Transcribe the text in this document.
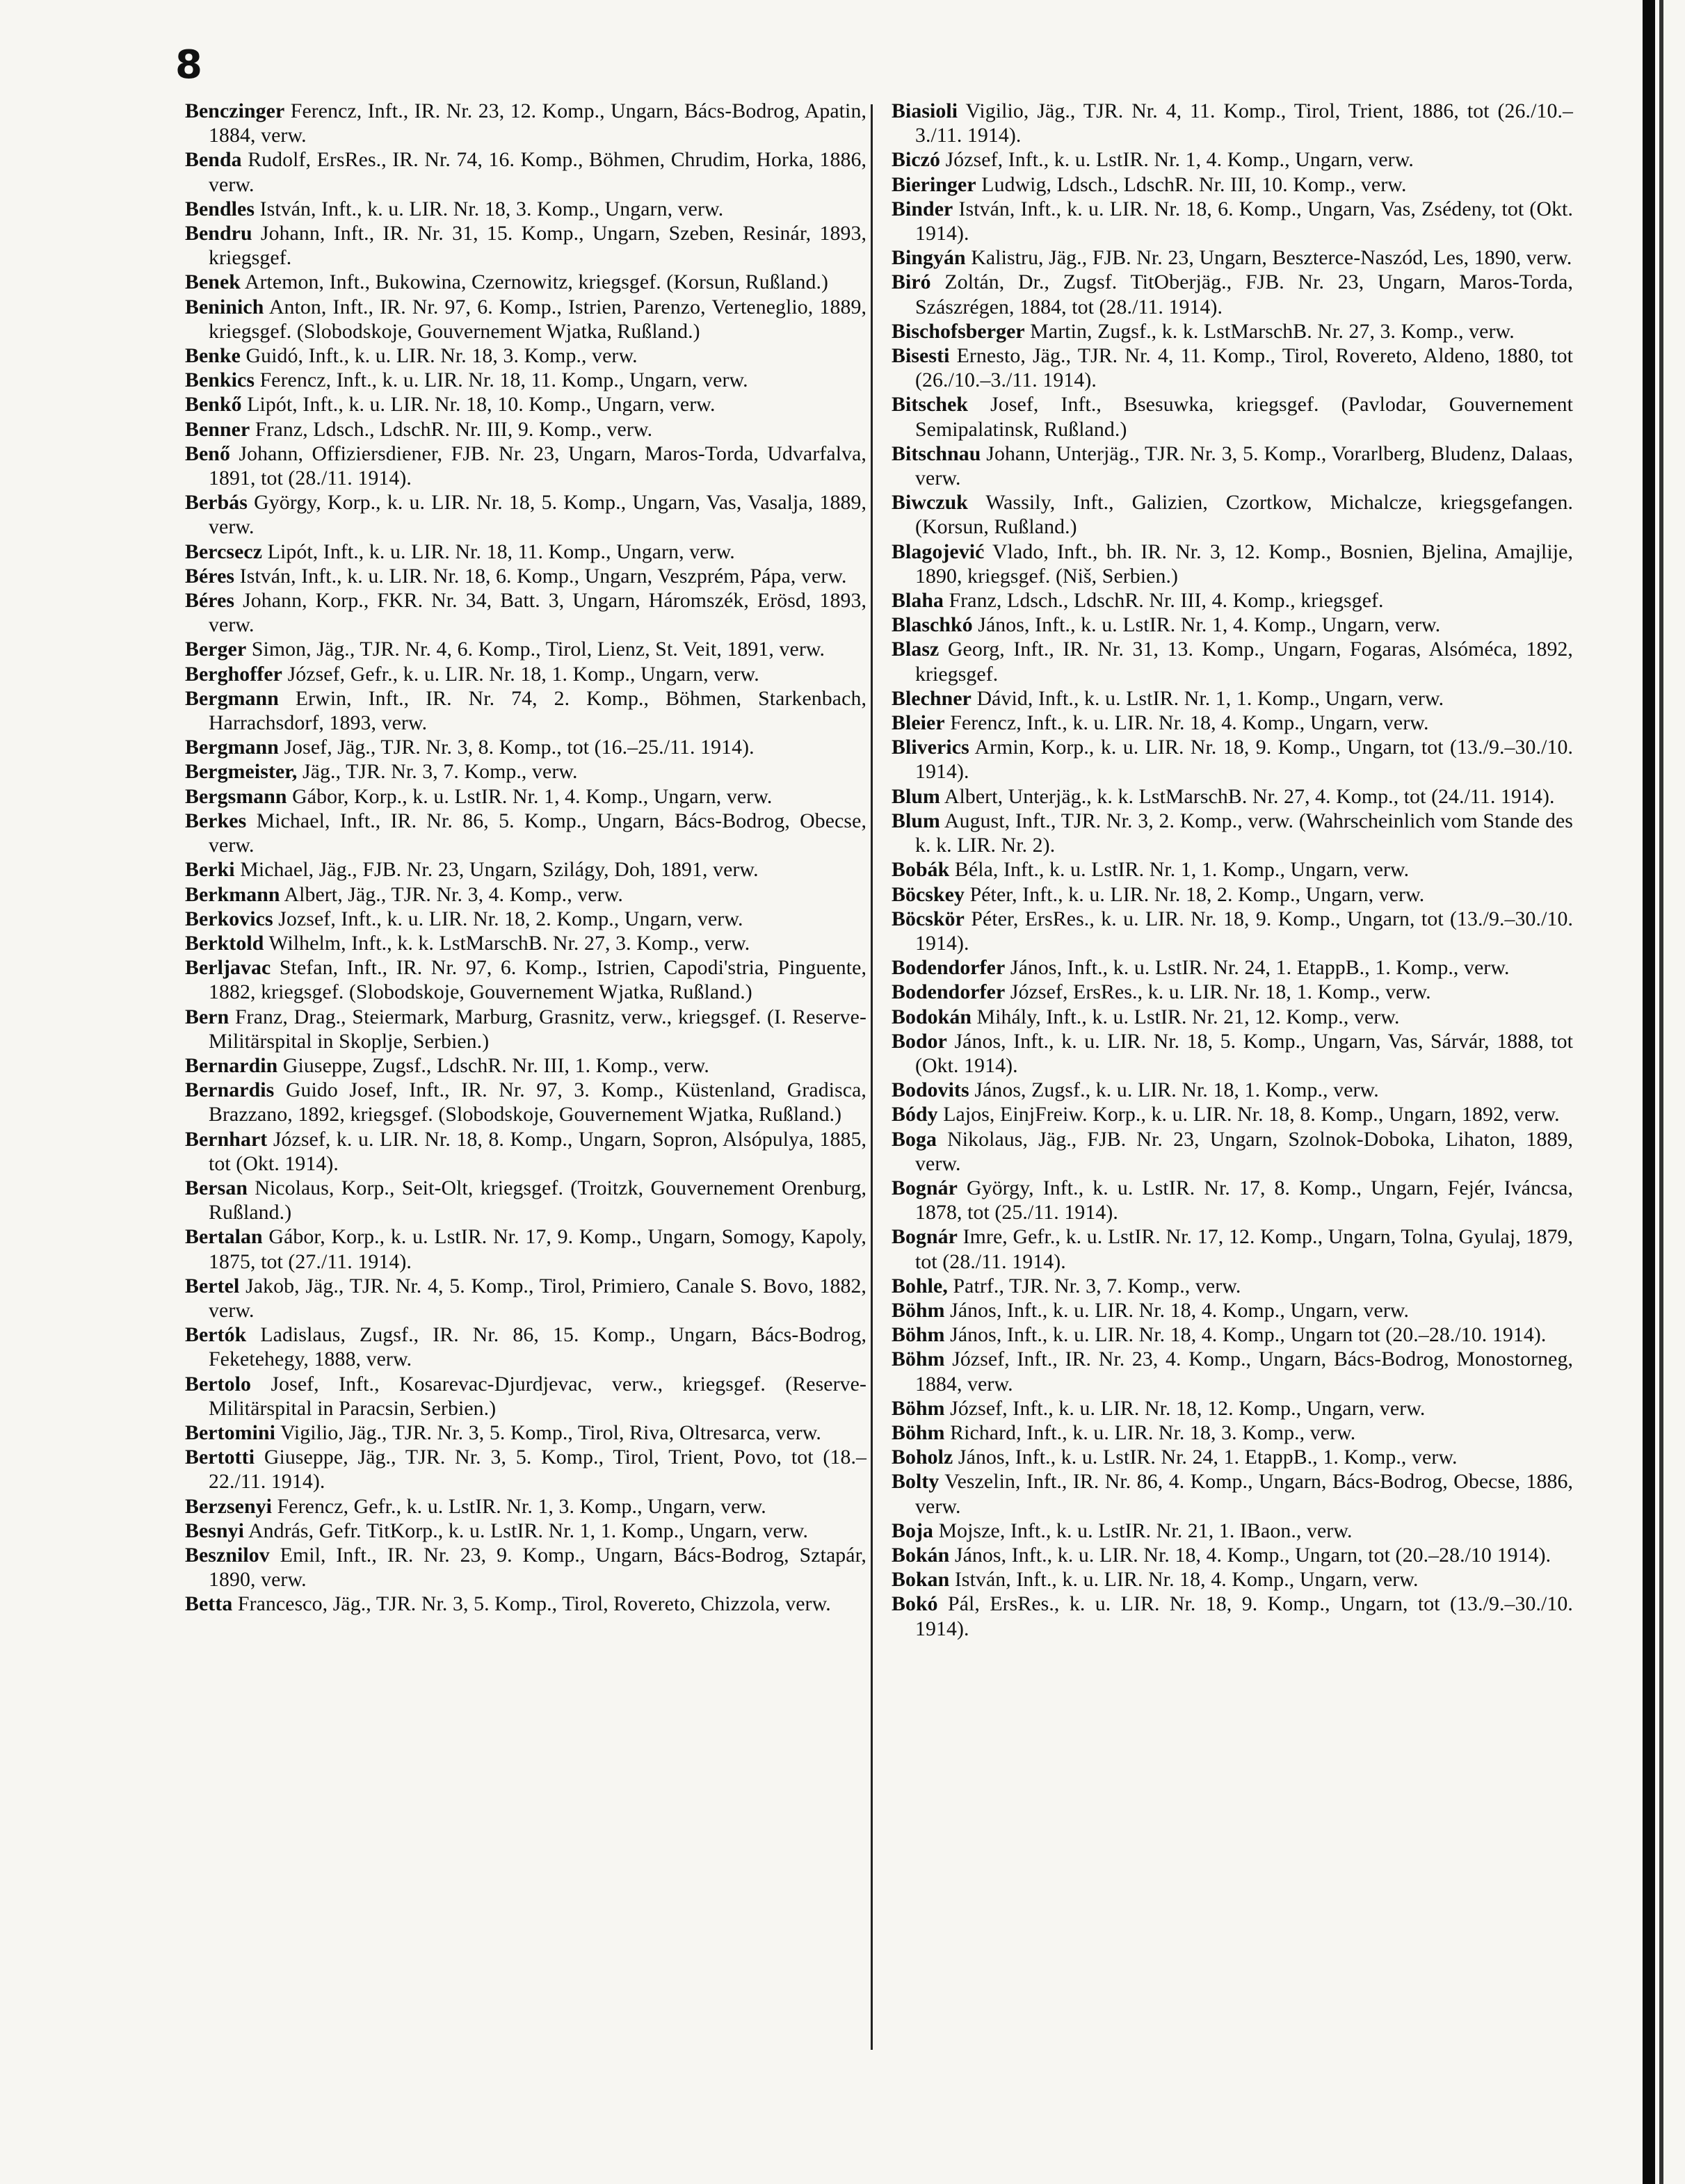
8

Benczinger Ferencz, Inft., IR. Nr. 23, 12. Komp., Ungarn, Bács-Bodrog, Apatin, 1884, verw.

Benda Rudolf, ErsRes., IR. Nr. 74, 16. Komp., Böhmen, Chrudim, Horka, 1886, verw.

Bendles István, Inft., k. u. LIR. Nr. 18, 3. Komp., Ungarn, verw.

Bendru Johann, Inft., IR. Nr. 31, 15. Komp., Ungarn, Szeben, Resinár, 1893, kriegsgef.

Benek Artemon, Inft., Bukowina, Czernowitz, kriegsgef. (Korsun, Rußland.)

Beninich Anton, Inft., IR. Nr. 97, 6. Komp., Istrien, Parenzo, Verteneglio, 1889, kriegsgef. (Slobodskoje, Gouvernement Wjatka, Rußland.)

Benke Guidó, Inft., k. u. LIR. Nr. 18, 3. Komp., verw.

Benkics Ferencz, Inft., k. u. LIR. Nr. 18, 11. Komp., Ungarn, verw.

Benkő Lipót, Inft., k. u. LIR. Nr. 18, 10. Komp., Ungarn, verw.

Benner Franz, Ldsch., LdschR. Nr. III, 9. Komp., verw.

Benő Johann, Offiziersdiener, FJB. Nr. 23, Ungarn, Maros-Torda, Udvarfalva, 1891, tot (28./11. 1914).

Berbás György, Korp., k. u. LIR. Nr. 18, 5. Komp., Ungarn, Vas, Vasalja, 1889, verw.

Bercsecz Lipót, Inft., k. u. LIR. Nr. 18, 11. Komp., Ungarn, verw.

Béres István, Inft., k. u. LIR. Nr. 18, 6. Komp., Ungarn, Veszprém, Pápa, verw.

Béres Johann, Korp., FKR. Nr. 34, Batt. 3, Ungarn, Háromszék, Erösd, 1893, verw.

Berger Simon, Jäg., TJR. Nr. 4, 6. Komp., Tirol, Lienz, St. Veit, 1891, verw.

Berghoffer József, Gefr., k. u. LIR. Nr. 18, 1. Komp., Ungarn, verw.

Bergmann Erwin, Inft., IR. Nr. 74, 2. Komp., Böhmen, Starkenbach, Harrachsdorf, 1893, verw.

Bergmann Josef, Jäg., TJR. Nr. 3, 8. Komp., tot (16.–25./11. 1914).

Bergmeister, Jäg., TJR. Nr. 3, 7. Komp., verw.

Bergsmann Gábor, Korp., k. u. LstIR. Nr. 1, 4. Komp., Ungarn, verw.

Berkes Michael, Inft., IR. Nr. 86, 5. Komp., Ungarn, Bács-Bodrog, Obecse, verw.

Berki Michael, Jäg., FJB. Nr. 23, Ungarn, Szilágy, Doh, 1891, verw.

Berkmann Albert, Jäg., TJR. Nr. 3, 4. Komp., verw.

Berkovics Jozsef, Inft., k. u. LIR. Nr. 18, 2. Komp., Ungarn, verw.

Berktold Wilhelm, Inft., k. k. LstMarschB. Nr. 27, 3. Komp., verw.

Berljavac Stefan, Inft., IR. Nr. 97, 6. Komp., Istrien, Capodi'stria, Pinguente, 1882, kriegsgef. (Slobodskoje, Gouvernement Wjatka, Rußland.)

Bern Franz, Drag., Steiermark, Marburg, Grasnitz, verw., kriegsgef. (I. Reserve-Militärspital in Skoplje, Serbien.)

Bernardin Giuseppe, Zugsf., LdschR. Nr. III, 1. Komp., verw.

Bernardis Guido Josef, Inft., IR. Nr. 97, 3. Komp., Küstenland, Gradisca, Brazzano, 1892, kriegsgef. (Slobodskoje, Gouvernement Wjatka, Rußland.)

Bernhart József, k. u. LIR. Nr. 18, 8. Komp., Ungarn, Sopron, Alsópulya, 1885, tot (Okt. 1914).

Bersan Nicolaus, Korp., Seit-Olt, kriegsgef. (Troitzk, Gouvernement Orenburg, Rußland.)

Bertalan Gábor, Korp., k. u. LstIR. Nr. 17, 9. Komp., Ungarn, Somogy, Kapoly, 1875, tot (27./11. 1914).

Bertel Jakob, Jäg., TJR. Nr. 4, 5. Komp., Tirol, Primiero, Canale S. Bovo, 1882, verw.

Bertók Ladislaus, Zugsf., IR. Nr. 86, 15. Komp., Ungarn, Bács-Bodrog, Feketehegy, 1888, verw.

Bertolo Josef, Inft., Kosarevac-Djurdjevac, verw., kriegsgef. (Reserve-Militärspital in Paracsin, Serbien.)

Bertomini Vigilio, Jäg., TJR. Nr. 3, 5. Komp., Tirol, Riva, Oltresarca, verw.

Bertotti Giuseppe, Jäg., TJR. Nr. 3, 5. Komp., Tirol, Trient, Povo, tot (18.–22./11. 1914).

Berzsenyi Ferencz, Gefr., k. u. LstIR. Nr. 1, 3. Komp., Ungarn, verw.

Besnyi András, Gefr. TitKorp., k. u. LstIR. Nr. 1, 1. Komp., Ungarn, verw.

Besznilov Emil, Inft., IR. Nr. 23, 9. Komp., Ungarn, Bács-Bodrog, Sztapár, 1890, verw.

Betta Francesco, Jäg., TJR. Nr. 3, 5. Komp., Tirol, Rovereto, Chizzola, verw.

Biasioli Vigilio, Jäg., TJR. Nr. 4, 11. Komp., Tirol, Trient, 1886, tot (26./10.–3./11. 1914).

Biczó József, Inft., k. u. LstIR. Nr. 1, 4. Komp., Ungarn, verw.

Bieringer Ludwig, Ldsch., LdschR. Nr. III, 10. Komp., verw.

Binder István, Inft., k. u. LIR. Nr. 18, 6. Komp., Ungarn, Vas, Zsédeny, tot (Okt. 1914).

Bingyán Kalistru, Jäg., FJB. Nr. 23, Ungarn, Beszterce-Naszód, Les, 1890, verw.

Biró Zoltán, Dr., Zugsf. TitOberjäg., FJB. Nr. 23, Ungarn, Maros-Torda, Szászrégen, 1884, tot (28./11. 1914).

Bischofsberger Martin, Zugsf., k. k. LstMarschB. Nr. 27, 3. Komp., verw.

Bisesti Ernesto, Jäg., TJR. Nr. 4, 11. Komp., Tirol, Rovereto, Aldeno, 1880, tot (26./10.–3./11. 1914).

Bitschek Josef, Inft., Bsesuwka, kriegsgef. (Pavlodar, Gouvernement Semipalatinsk, Rußland.)

Bitschnau Johann, Unterjäg., TJR. Nr. 3, 5. Komp., Vorarlberg, Bludenz, Dalaas, verw.

Biwczuk Wassily, Inft., Galizien, Czortkow, Michalcze, kriegsgefangen. (Korsun, Rußland.)

Blagojević Vlado, Inft., bh. IR. Nr. 3, 12. Komp., Bosnien, Bjelina, Amajlije, 1890, kriegsgef. (Niš, Serbien.)

Blaha Franz, Ldsch., LdschR. Nr. III, 4. Komp., kriegsgef.

Blaschkó János, Inft., k. u. LstIR. Nr. 1, 4. Komp., Ungarn, verw.

Blasz Georg, Inft., IR. Nr. 31, 13. Komp., Ungarn, Fogaras, Alsóméca, 1892, kriegsgef.

Blechner Dávid, Inft., k. u. LstIR. Nr. 1, 1. Komp., Ungarn, verw.

Bleier Ferencz, Inft., k. u. LIR. Nr. 18, 4. Komp., Ungarn, verw.

Bliverics Armin, Korp., k. u. LIR. Nr. 18, 9. Komp., Ungarn, tot (13./9.–30./10. 1914).

Blum Albert, Unterjäg., k. k. LstMarschB. Nr. 27, 4. Komp., tot (24./11. 1914).

Blum August, Inft., TJR. Nr. 3, 2. Komp., verw. (Wahrscheinlich vom Stande des k. k. LIR. Nr. 2).

Bobák Béla, Inft., k. u. LstIR. Nr. 1, 1. Komp., Ungarn, verw.

Böcskey Péter, Inft., k. u. LIR. Nr. 18, 2. Komp., Ungarn, verw.

Böcskör Péter, ErsRes., k. u. LIR. Nr. 18, 9. Komp., Ungarn, tot (13./9.–30./10. 1914).

Bodendorfer János, Inft., k. u. LstIR. Nr. 24, 1. EtappB., 1. Komp., verw.

Bodendorfer József, ErsRes., k. u. LIR. Nr. 18, 1. Komp., verw.

Bodokán Mihály, Inft., k. u. LstIR. Nr. 21, 12. Komp., verw.

Bodor János, Inft., k. u. LIR. Nr. 18, 5. Komp., Ungarn, Vas, Sárvár, 1888, tot (Okt. 1914).

Bodovits János, Zugsf., k. u. LIR. Nr. 18, 1. Komp., verw.

Bódy Lajos, EinjFreiw. Korp., k. u. LIR. Nr. 18, 8. Komp., Ungarn, 1892, verw.

Boga Nikolaus, Jäg., FJB. Nr. 23, Ungarn, Szolnok-Doboka, Lihaton, 1889, verw.

Bognár György, Inft., k. u. LstIR. Nr. 17, 8. Komp., Ungarn, Fejér, Iváncsa, 1878, tot (25./11. 1914).

Bognár Imre, Gefr., k. u. LstIR. Nr. 17, 12. Komp., Ungarn, Tolna, Gyulaj, 1879, tot (28./11. 1914).

Bohle, Patrf., TJR. Nr. 3, 7. Komp., verw.

Böhm János, Inft., k. u. LIR. Nr. 18, 4. Komp., Ungarn, verw.

Böhm János, Inft., k. u. LIR. Nr. 18, 4. Komp., Ungarn tot (20.–28./10. 1914).

Böhm József, Inft., IR. Nr. 23, 4. Komp., Ungarn, Bács-Bodrog, Monostorneg, 1884, verw.

Böhm József, Inft., k. u. LIR. Nr. 18, 12. Komp., Ungarn, verw.

Böhm Richard, Inft., k. u. LIR. Nr. 18, 3. Komp., verw.

Boholz János, Inft., k. u. LstIR. Nr. 24, 1. EtappB., 1. Komp., verw.

Bolty Veszelin, Inft., IR. Nr. 86, 4. Komp., Ungarn, Bács-Bodrog, Obecse, 1886, verw.

Boja Mojsze, Inft., k. u. LstIR. Nr. 21, 1. IBaon., verw.

Bokán János, Inft., k. u. LIR. Nr. 18, 4. Komp., Ungarn, tot (20.–28./10 1914).

Bokan István, Inft., k. u. LIR. Nr. 18, 4. Komp., Ungarn, verw.

Bokó Pál, ErsRes., k. u. LIR. Nr. 18, 9. Komp., Ungarn, tot (13./9.–30./10. 1914).
